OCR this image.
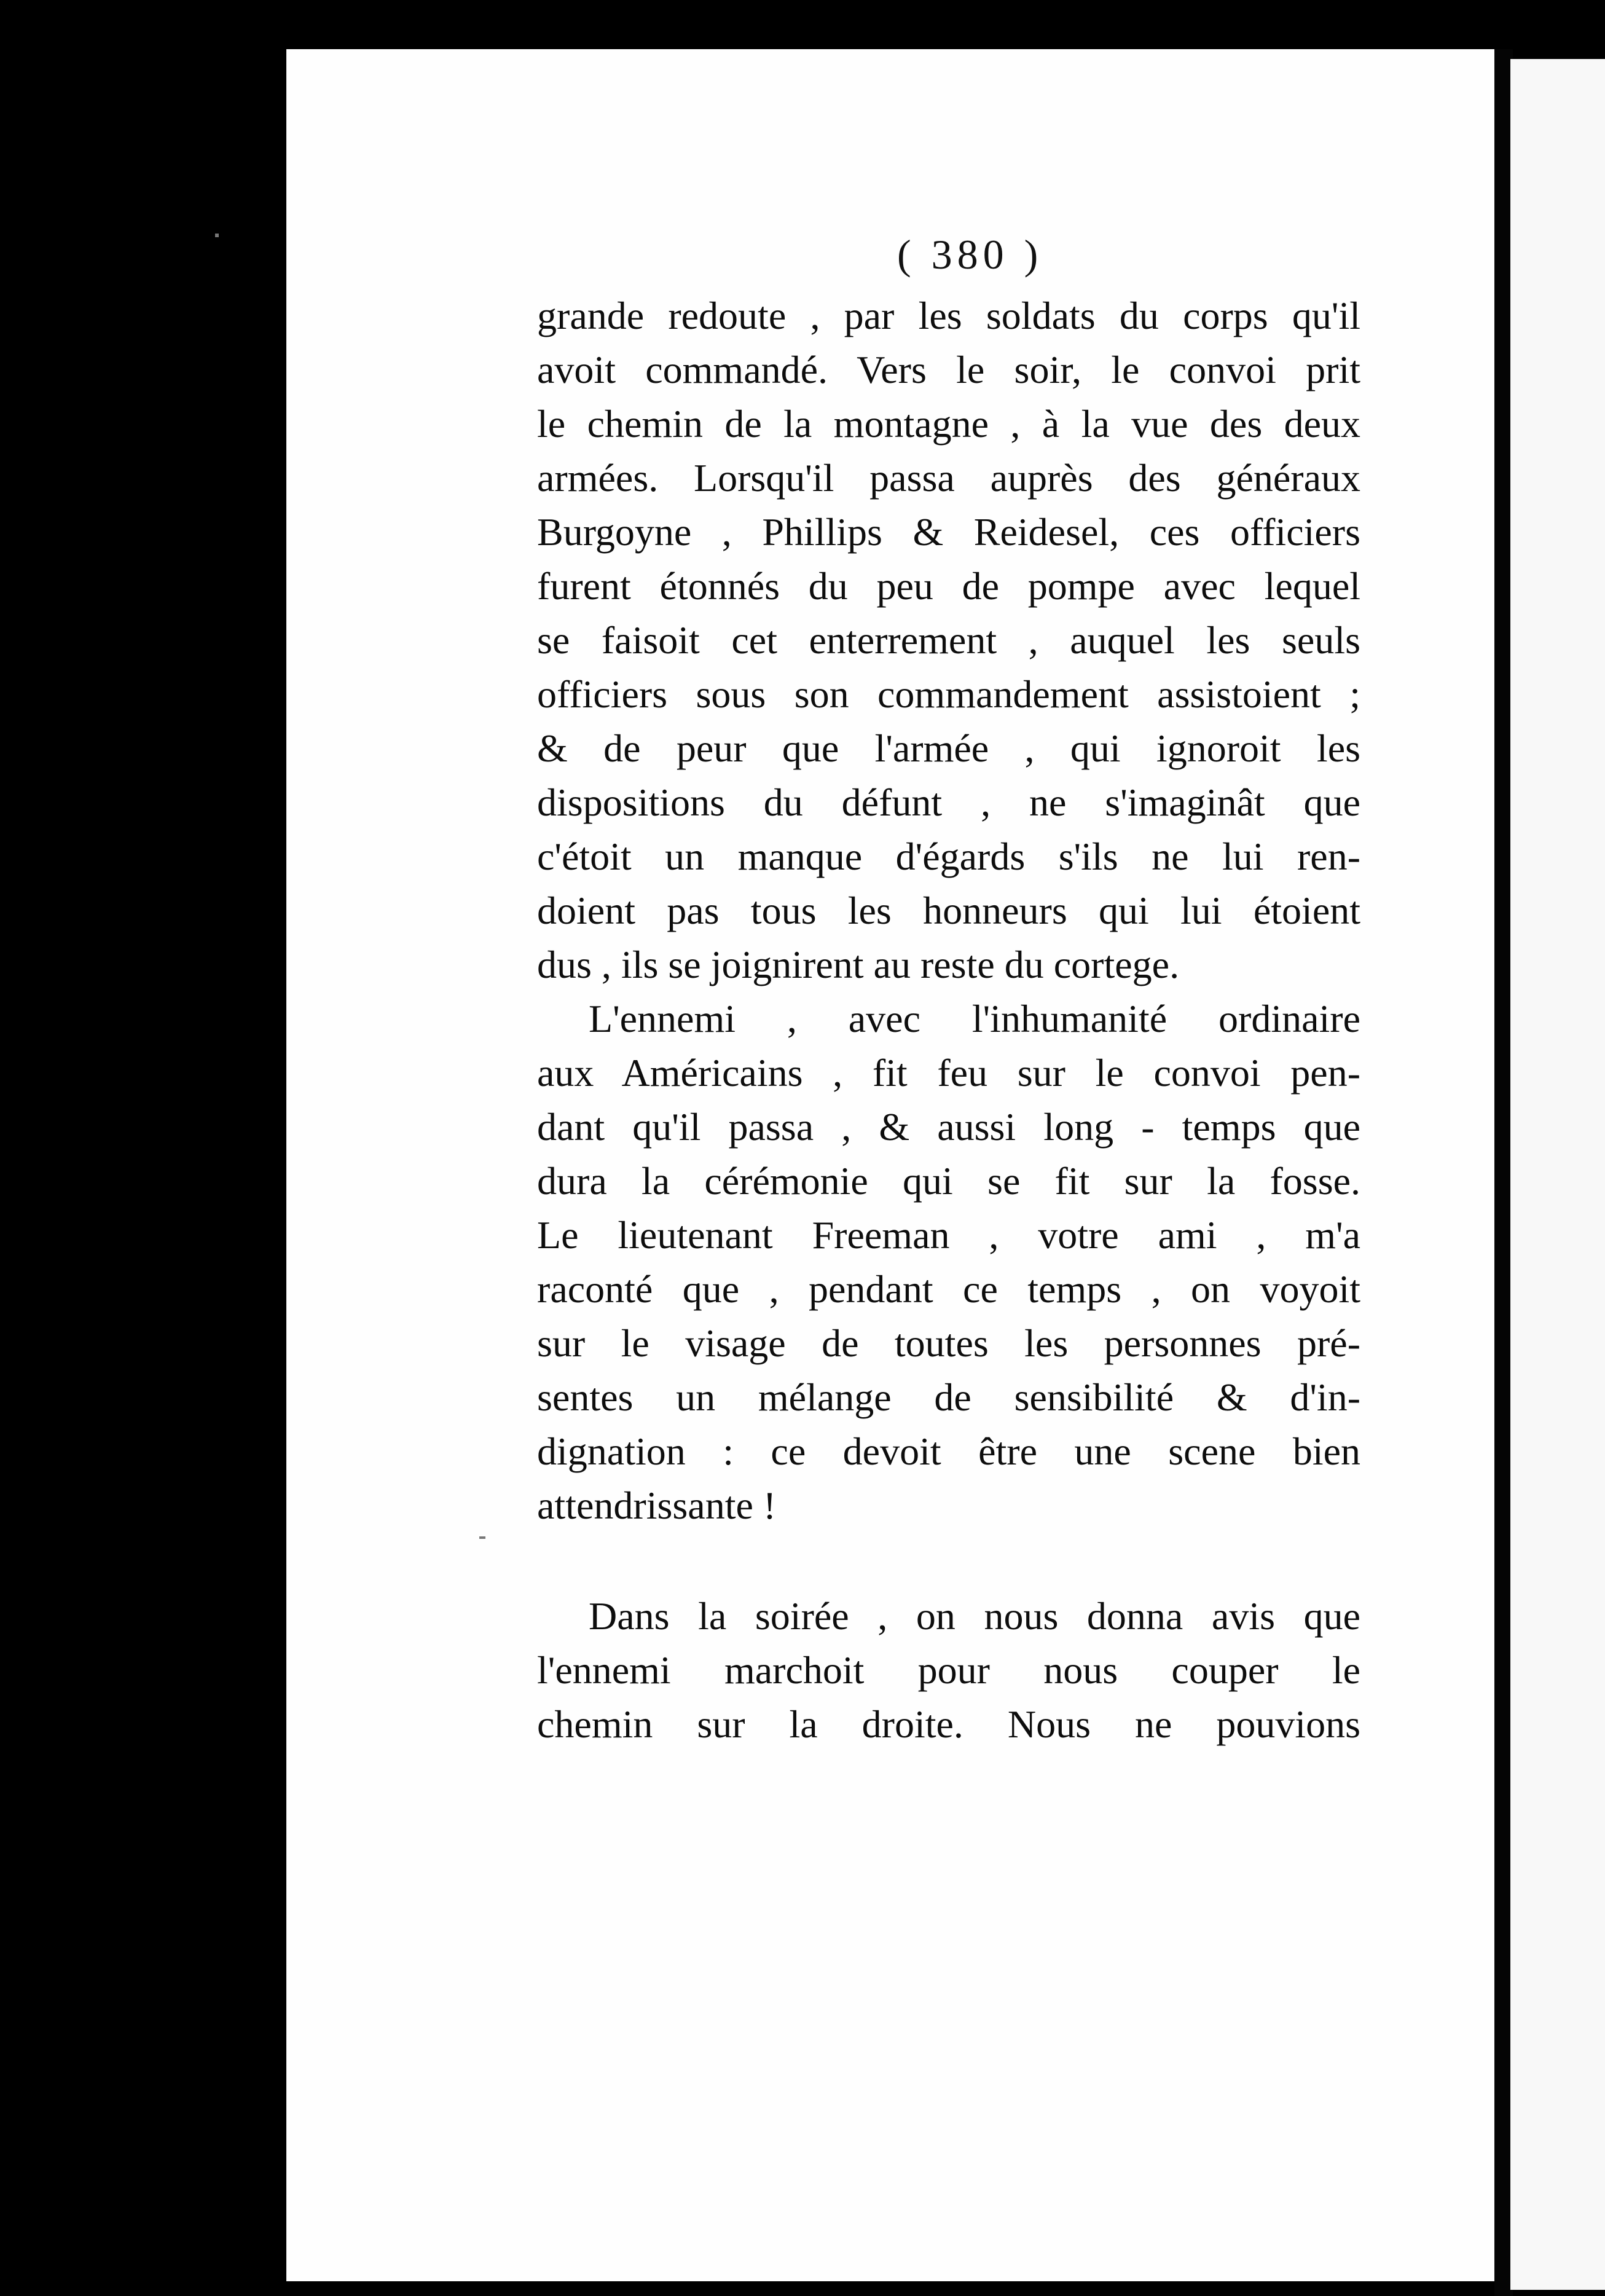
( 380 )
grande redoute , par les soldats du corps qu'il
avoit commandé. Vers le soir, le convoi prit
le chemin de la montagne , à la vue des deux
armées. Lorsqu'il passa auprès des généraux
Burgoyne , Phillips & Reidesel, ces officiers
furent étonnés du peu de pompe avec lequel
se faisoit cet enterrement , auquel les seuls
officiers sous son commandement assistoient ;
& de peur que l'armée , qui ignoroit les
dispositions du défunt , ne s'imaginât que
c'étoit un manque d'égards s'ils ne lui ren-
doient pas tous les honneurs qui lui étoient
dus , ils se joignirent au reste du cortege.
L'ennemi , avec l'inhumanité ordinaire
aux Américains , fit feu sur le convoi pen-
dant qu'il passa , & aussi long - temps que
dura la cérémonie qui se fit sur la fosse.
Le lieutenant Freeman , votre ami , m'a
raconté que , pendant ce temps , on voyoit
sur le visage de toutes les personnes pré-
sentes un mélange de sensibilité & d'in-
dignation : ce devoit être une scene bien
attendrissante !
Dans la soirée , on nous donna avis que
l'ennemi marchoit pour nous couper le
chemin sur la droite. Nous ne pouvions
